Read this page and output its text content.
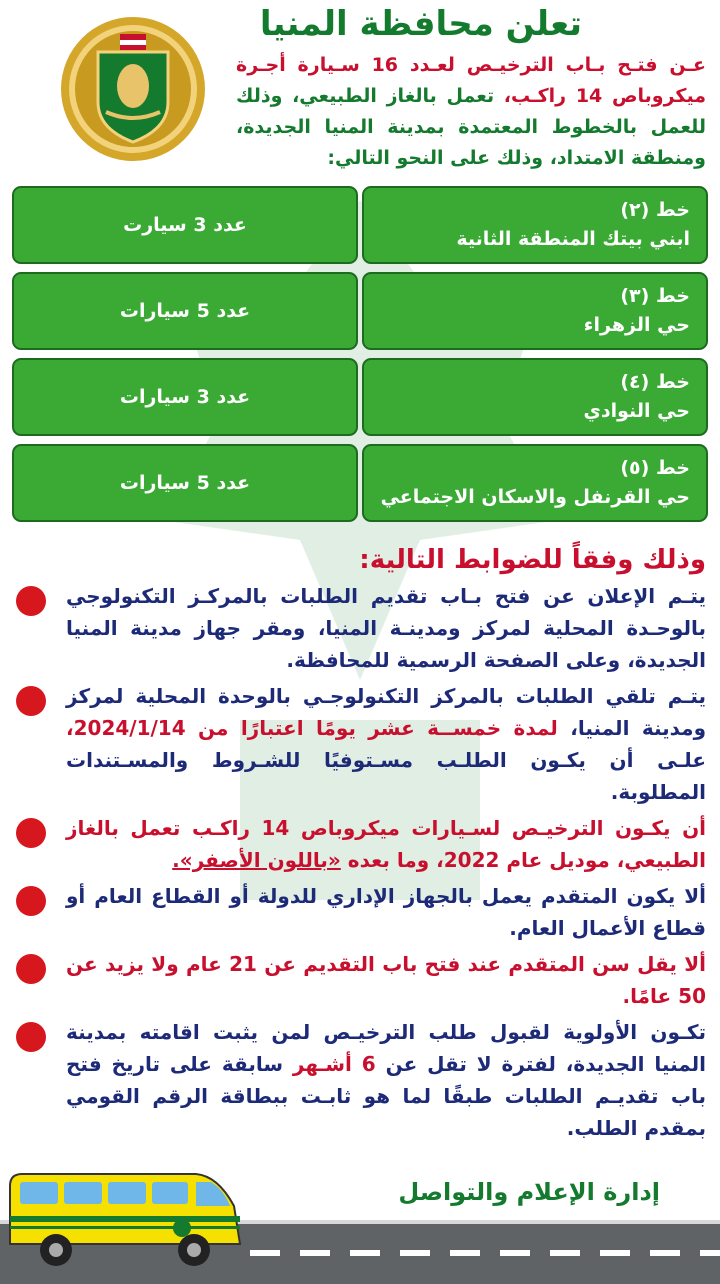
تعلن محافظة المنيا

عـن فتـح بـاب الترخيـص لعـدد 16 سـيارة أجـرة ميكروباص 14 راكـب، تعمل بالغاز الطبيعي، وذلك للعمل بالخطوط المعتمدة بمدينة المنيا الجديدة، ومنطقة الامتداد، وذلك على النحو التالي:

خط (٢)
ابني بيتك المنطقة الثانية
عدد 3 سيارت
خط (٣)
حي الزهراء
عدد 5 سيارات
خط (٤)
حي النوادي
عدد 3 سيارات
خط (٥)
حي القرنفل والاسكان الاجتماعي
عدد 5 سيارات
وذلك وفقاً للضوابط التالية:
يتـم الإعلان عن فتح بـاب تقديم الطلبات بالمركـز التكنولوجي بالوحـدة المحلية لمركز ومدينـة المنيا، ومقر جهاز مدينة المنيا الجديدة، وعلى الصفحة الرسمية للمحافظة.
يتـم تلقي الطلبات بالمركز التكنولوجـي بالوحدة المحلية لمركز ومدينة المنيا، لمدة خمســة عشر يومًا اعتبارًا من 2024/1/14، علـى أن يكـون الطلـب مسـتوفيًا للشـروط والمسـتندات المطلوبة.
أن يكـون الترخيـص لسـيارات ميكروباص 14 راكـب تعمل بالغاز الطبيعي، موديل عام 2022، وما بعده «باللون الأصفر».
ألا يكون المتقدم يعمل بالجهاز الإداري للدولة أو القطاع العام أو قطاع الأعمال العام.
ألا يقل سن المتقدم عند فتح باب التقديم عن 21 عام ولا يزيد عن 50 عامًا.
تكـون الأولوية لقبول طلب الترخيـص لمن يثبت اقامته بمدينة المنيا الجديدة، لفترة لا تقل عن 6 أشـهر سابقة على تاريخ فتح باب تقديـم الطلبات طبقًا لما هو ثابـت ببطاقة الرقم القومي بمقدم الطلب.

إدارة الإعلام والتواصل
